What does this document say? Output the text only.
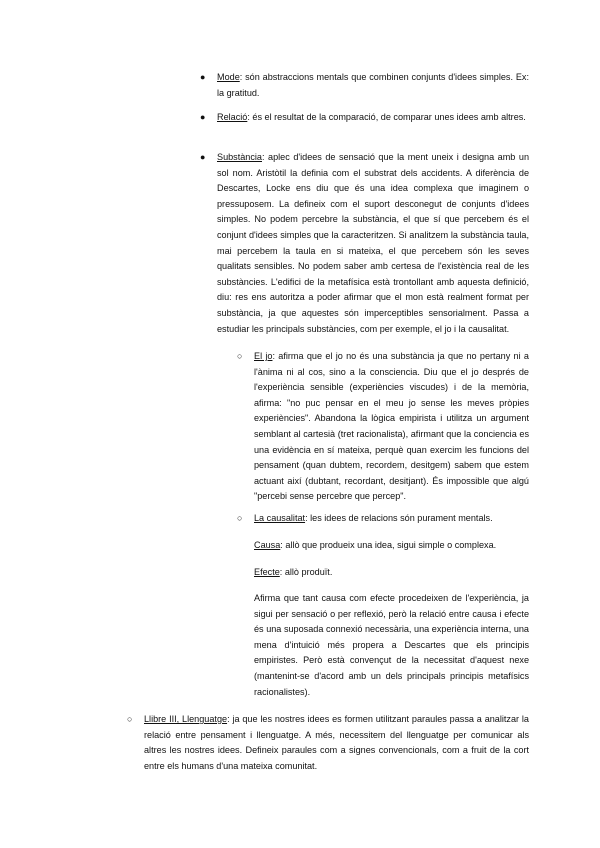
● Mode: són abstraccions mentals que combinen conjunts d'idees simples. Ex: la gratitud.
● Relació: és el resultat de la comparació, de comparar unes idees amb altres.
● Substància: aplec d'idees de sensació que la ment uneix i designa amb un sol nom. Aristòtil la definia com el substrat dels accidents. A diferència de Descartes, Locke ens diu que és una idea complexa que imaginem o pressuposem. La defineix com el suport desconegut de conjunts d'idees simples. No podem percebre la substància, el que sí que percebem és el conjunt d'idees simples que la caracteritzen. Si analitzem la substància taula, mai percebem la taula en si mateixa, el que percebem són les seves qualitats sensibles. No podem saber amb certesa de l'existència real de les substàncies. L'edifici de la metafísica està trontollant amb aquesta definició, diu: res ens autoritza a poder afirmar que el mon està realment format per substància, ja que aquestes són imperceptibles sensorialment. Passa a estudiar les principals substàncies, com per exemple, el jo i la causalitat.
○ El jo: afirma que el jo no és una substància ja que no pertany ni a l'ànima ni al cos, sino a la consciencia. Diu que el jo després de l'experiència sensible (experiències viscudes) i de la memòria, afirma: "no puc pensar en el meu jo sense les meves pròpies experiències". Abandona la lògica empirista i utilitza un argument semblant al cartesià (tret racionalista), afirmant que la conciencia es una evidència en sí mateixa, perquè quan exercim les funcions del pensament (quan dubtem, recordem, desitgem) sabem que estem actuant així (dubtant, recordant, desitjant). És impossible que algú "percebi sense percebre que percep".
○ La causalitat: les idees de relacions són purament mentals.
Causa: allò que produeix una idea, sigui simple o complexa.
Efecte: allò produït.
Afirma que tant causa com efecte procedeixen de l'experiència, ja sigui per sensació o per reflexió, però la relació entre causa i efecte és una suposada connexió necessària, una experiència interna, una mena d'intuició més propera a Descartes que els principis empiristes. Però està convençut de la necessitat d'aquest nexe (mantenint-se d'acord amb un dels principals principis metafísics racionalistes).
○ Llibre III, Llenguatge: ja que les nostres idees es formen utilitzant paraules passa a analitzar la relació entre pensament i llenguatge. A més, necessitem del llenguatge per comunicar als altres les nostres idees. Defineix paraules com a signes convencionals, com a fruit de la cort entre els humans d'una mateixa comunitat.
